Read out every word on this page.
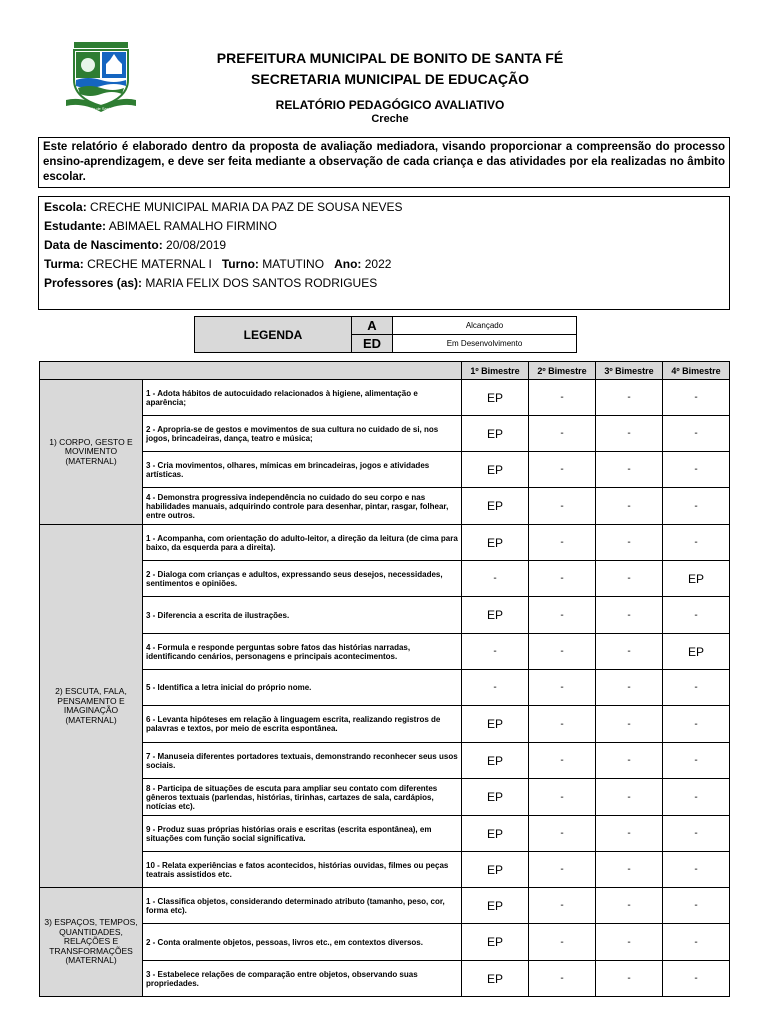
Bonito de Santa Fé
PREFEITURA MUNICIPAL DE BONITO DE SANTA FÉ
SECRETARIA MUNICIPAL DE EDUCAÇÃO
RELATÓRIO PEDAGÓGICO AVALIATIVO
Creche
Este relatório é elaborado dentro da proposta de avaliação mediadora, visando proporcionar a compreensão do processo ensino-aprendizagem, e deve ser feita mediante a observação de cada criança e das atividades por ela realizadas no âmbito escolar.
Escola: CRECHE MUNICIPAL MARIA DA PAZ DE SOUSA NEVES
Estudante: ABIMAEL RAMALHO FIRMINO
Data de Nascimento: 20/08/2019
Turma: CRECHE MATERNAL I Turno: MATUTINO Ano: 2022
Professores (as): MARIA FELIX DOS SANTOS RODRIGUES
LEGENDA	A	Alcançado
	ED	Em Desenvolvimento
		1º Bimestre	2º Bimestre	3º Bimestre	4º Bimestre
1) CORPO, GESTO E MOVIMENTO (MATERNAL)	1 - Adota hábitos de autocuidado relacionados à higiene, alimentação e aparência;	EP	-	-	-
	2 - Apropria-se de gestos e movimentos de sua cultura no cuidado de si, nos jogos, brincadeiras, dança, teatro e música;	EP	-	-	-
	3 - Cria movimentos, olhares, mímicas em brincadeiras, jogos e atividades artísticas.	EP	-	-	-
	4 - Demonstra progressiva independência no cuidado do seu corpo e nas habilidades manuais, adquirindo controle para desenhar, pintar, rasgar, folhear, entre outros.	EP	-	-	-
2) ESCUTA, FALA, PENSAMENTO E IMAGINAÇÃO (MATERNAL)	1 - Acompanha, com orientação do adulto-leitor, a direção da leitura (de cima para baixo, da esquerda para a direita).	EP	-	-	-
	2 - Dialoga com crianças e adultos, expressando seus desejos, necessidades, sentimentos e opiniões.	-	-	-	EP
	3 - Diferencia a escrita de ilustrações.	EP	-	-	-
	4 - Formula e responde perguntas sobre fatos das histórias narradas, identificando cenários, personagens e principais acontecimentos.	-	-	-	EP
	5 - Identifica a letra inicial do próprio nome.	-	-	-	-
	6 - Levanta hipóteses em relação à linguagem escrita, realizando registros de palavras e textos, por meio de escrita espontânea.	EP	-	-	-
	7 - Manuseia diferentes portadores textuais, demonstrando reconhecer seus usos sociais.	EP	-	-	-
	8 - Participa de situações de escuta para ampliar seu contato com diferentes gêneros textuais (parlendas, histórias, tirinhas, cartazes de sala, cardápios, notícias etc).	EP	-	-	-
	9 - Produz suas próprias histórias orais e escritas (escrita espontânea), em situações com função social significativa.	EP	-	-	-
	10 - Relata experiências e fatos acontecidos, histórias ouvidas, filmes ou peças teatrais assistidos etc.	EP	-	-	-
3) ESPAÇOS, TEMPOS, QUANTIDADES, RELAÇÕES E TRANSFORMAÇÕES (MATERNAL)	1 - Classifica objetos, considerando determinado atributo (tamanho, peso, cor, forma etc).	EP	-	-	-
	2 - Conta oralmente objetos, pessoas, livros etc., em contextos diversos.	EP	-	-	-
	3 - Estabelece relações de comparação entre objetos, observando suas propriedades.	EP	-	-	-
